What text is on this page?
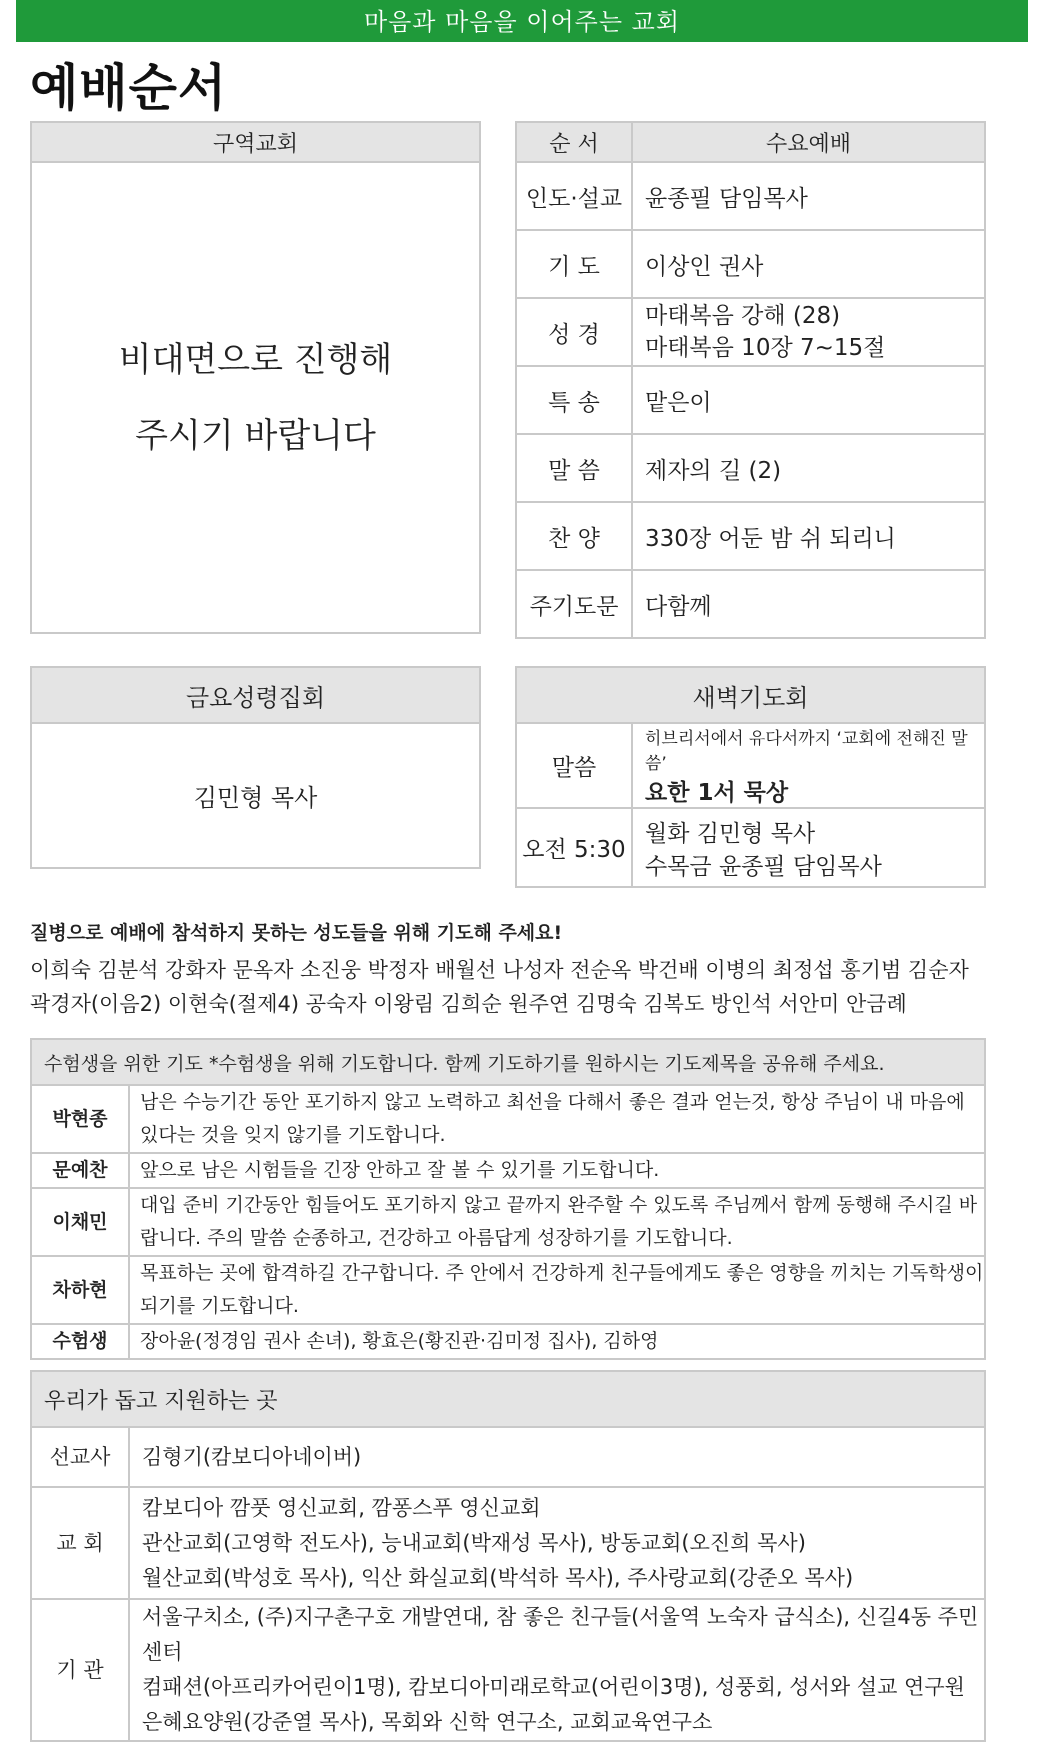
마음과 마음을 이어주는 교회
예배순서
구역교회

비대면으로 진행해
주시기 바랍니다
순 서	수요예배
인도·설교	윤종필 담임목사
기 도	이상인 권사
성 경	마태복음 강해 (28)
마태복음 10장 7~15절

특 송	맡은이
말 씀	제자의 길 (2)
찬 양	330장 어둔 밤 쉬 되리니
주기도문	다함께
금요성령집회
김민형 목사
새벽기도회	
말씀	히브리서에서 유다서까지 ‘교회에 전해진 말씀’
요한 1서 묵상

오전 5:30	월화 김민형 목사
수목금 윤종필 담임목사
질병으로 예배에 참석하지 못하는 성도들을 위해 기도해 주세요!
이희숙 김분석 강화자 문옥자 소진웅 박정자 배월선 나성자 전순옥 박건배 이병의 최정섭 홍기범 김순자
곽경자(이음2) 이현숙(절제4) 공숙자 이왕림 김희순 원주연 김명숙 김복도 방인석 서안미 안금례
수험생을 위한 기도 *수험생을 위해 기도합니다. 함께 기도하기를 원하시는 기도제목을 공유해 주세요.	
박현종	남은 수능기간 동안 포기하지 않고 노력하고 최선을 다해서 좋은 결과 얻는것, 항상 주님이 내 마음에 있다는 것을 잊지 않기를 기도합니다.
문예찬	앞으로 남은 시험들을 긴장 안하고 잘 볼 수 있기를 기도합니다.
이채민	대입 준비 기간동안 힘들어도 포기하지 않고 끝까지 완주할 수 있도록 주님께서 함께 동행해 주시길 바랍니다. 주의 말씀 순종하고, 건강하고 아름답게 성장하기를 기도합니다.
차하현	목표하는 곳에 합격하길 간구합니다. 주 안에서 건강하게 친구들에게도 좋은 영향을 끼치는 기독학생이 되기를 기도합니다.
수험생	장아윤(정경임 권사 손녀), 황효은(황진관·김미정 집사), 김하영
우리가 돕고 지원하는 곳	
선교사	김형기(캄보디아네이버)
교 회	캄보디아 깜풋 영신교회, 깜퐁스푸 영신교회
관산교회(고영학 전도사), 능내교회(박재성 목사), 방동교회(오진희 목사)
월산교회(박성호 목사), 익산 화실교회(박석하 목사), 주사랑교회(강준오 목사)

기 관	서울구치소, (주)지구촌구호 개발연대, 참 좋은 친구들(서울역 노숙자 급식소), 신길4동 주민센터
컴패션(아프리카어린이1명), 캄보디아미래로학교(어린이3명), 성풍회, 성서와 설교 연구원
은혜요양원(강준열 목사), 목회와 신학 연구소, 교회교육연구소
